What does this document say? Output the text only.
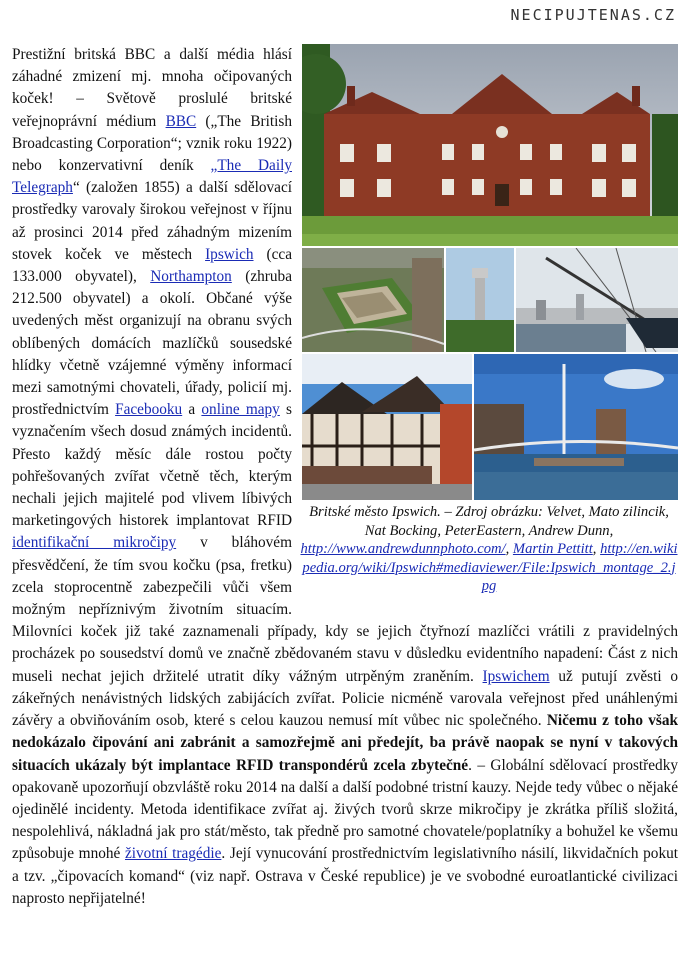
NECIPUJTENAS.CZ
Britské město Ipswich. – Zdroj obrázku: Velvet, Mato zilincik, Nat Bocking, PeterEastern, Andrew Dunn, http://www.andrewdunnphoto.com/, Martin Pettitt, http://en.wikipedia.org/wiki/Ipswich#mediaviewer/File:Ipswich_montage_2.jpg

Prestižní britská BBC a další média hlásí záhadné zmizení mj. mnoha očipovaných koček! – Světově proslulé britské veřejnoprávní médium BBC („The British Broadcasting Corporation“; vznik roku 1922) nebo konzervativní deník „The Daily Telegraph“ (založen 1855) a další sdělovací prostředky varovaly širokou veřejnost v říjnu až prosinci 2014 před záhadným mizením stovek koček ve městech Ipswich (cca 133.000 obyvatel), Northampton (zhruba 212.500 obyvatel) a okolí. Občané výše uvedených měst organizují na obranu svých oblíbených domácích mazlíčků sousedské hlídky včetně vzájemné výměny informací mezi samotnými chovateli, úřady, policií mj. prostřednictvím Facebooku a online mapy s vyznačením všech dosud známých incidentů. Přesto každý měsíc dále rostou počty pohřešovaných zvířat včetně těch, kterým nechali jejich majitelé pod vlivem líbivých marketingových historek implantovat RFID identifikační mikročipy v bláhovém přesvědčení, že tím svou kočku (psa, fretku) zcela stoprocentně zabezpečili vůči všem možným nepříznivým životním situacím. Milovníci koček již také zaznamenali případy, kdy se jejich čtyřnozí mazlíčci vrátili z pravidelných procházek po sousedství domů ve značně zbědovaném stavu v důsledku evidentního napadení: Část z nich museli nechat jejich držitelé utratit díky vážným utrpěným zraněním. Ipswichem už putují zvěsti o zákeřných nenávistných lidských zabijácích zvířat. Policie nicméně varovala veřejnost před unáhlenými závěry a obviňováním osob, které s celou kauzou nemusí mít vůbec nic společného. Ničemu z toho však nedokázalo čipování ani zabránit a samozřejmě ani předejít, ba právě naopak se nyní v takových situacích ukázaly být implantace RFID transpondérů zcela zbytečné. – Globální sdělovací prostředky opakovaně upozorňují obzvláště roku 2014 na další a další podobné tristní kauzy. Nejde tedy vůbec o nějaké ojedinělé incidenty. Metoda identifikace zvířat aj. živých tvorů skrze mikročipy je zkrátka příliš složitá, nespolehlivá, nákladná jak pro stát/město, tak předně pro samotné chovatele/poplatníky a bohužel ke všemu způsobuje mnohé životní tragédie. Její vynucování prostřednictvím legislativního násilí, likvidačních pokut a tzv. „čipovacích komand“ (viz např. Ostrava v České republice) je ve svobodné euroatlantické civilizaci naprosto nepřijatelné!
